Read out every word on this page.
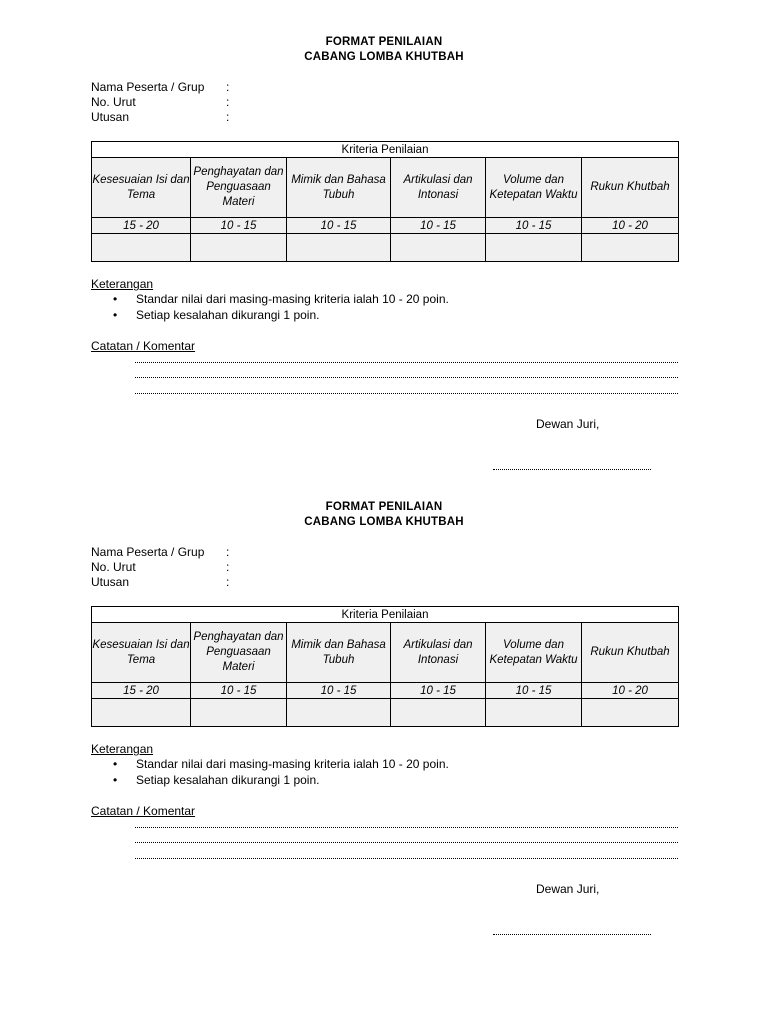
FORMAT PENILAIAN
CABANG LOMBA KHUTBAH
Nama Peserta / Grup :
No. Urut	:
Utusan	:
Kriteria Penilaian					
Kesesuaian Isi dan Tema	Penghayatan dan Penguasaan Materi	Mimik dan Bahasa Tubuh	Artikulasi dan Intonasi	Volume dan Ketepatan Waktu	Rukun Khutbah
15 - 20	10 - 15	10 - 15	10 - 15	10 - 15	10 - 20

Keterangan
Standar nilai dari masing-masing kriteria ialah 10 - 20 poin.
Setiap kesalahan dikurangi 1 poin.
Catatan / Komentar
Dewan Juri,
FORMAT PENILAIAN
CABANG LOMBA KHUTBAH
Nama Peserta / Grup :
No. Urut	:
Utusan	:
Kriteria Penilaian					
Kesesuaian Isi dan Tema	Penghayatan dan Penguasaan Materi	Mimik dan Bahasa Tubuh	Artikulasi dan Intonasi	Volume dan Ketepatan Waktu	Rukun Khutbah
15 - 20	10 - 15	10 - 15	10 - 15	10 - 15	10 - 20

Keterangan
Standar nilai dari masing-masing kriteria ialah 10 - 20 poin.
Setiap kesalahan dikurangi 1 poin.
Catatan / Komentar
Dewan Juri,
